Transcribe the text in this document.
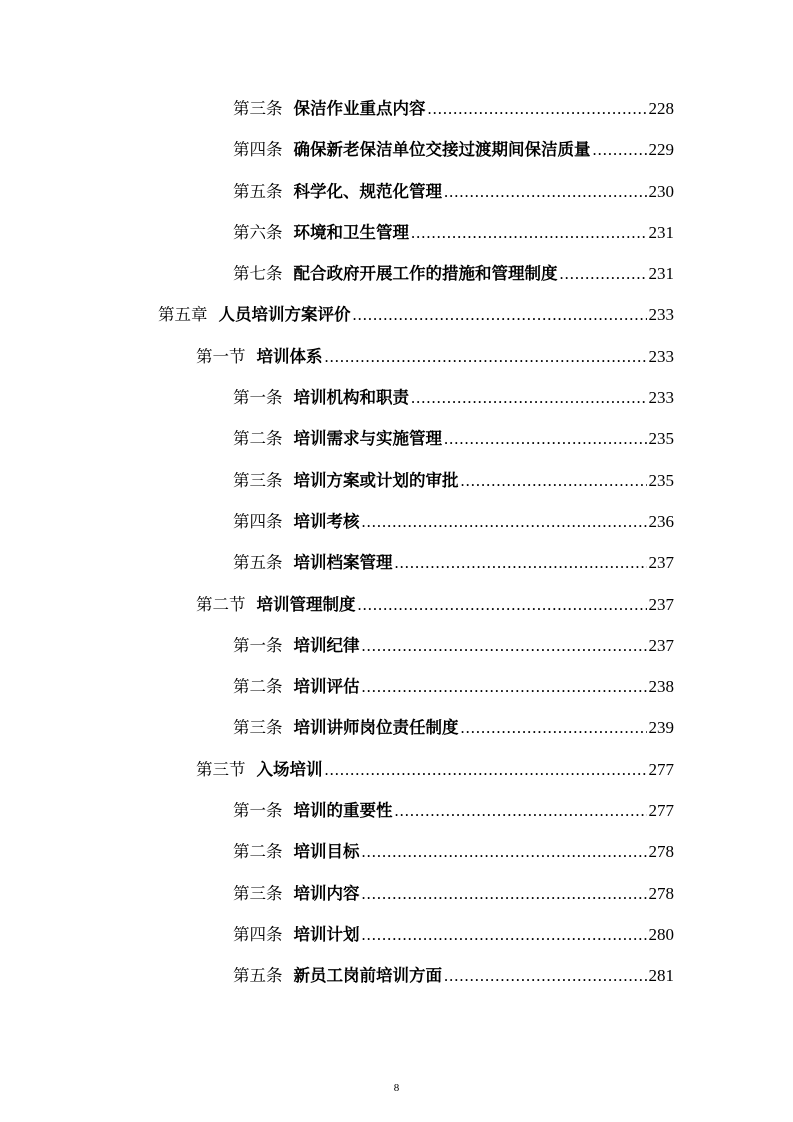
第三条 保洁作业重点内容 .....	228
第四条 确保新老保洁单位交接过渡期间保洁质量 .....	229
第五条 科学化、规范化管理 .....	230
第六条 环境和卫生管理 .....	231
第七条 配合政府开展工作的措施和管理制度 .....	231
第五章 人员培训方案评价 .....	233
第一节 培训体系 .....	233
第一条 培训机构和职责 .....	233
第二条 培训需求与实施管理 .....	235
第三条 培训方案或计划的审批 .....	235
第四条 培训考核 .....	236
第五条 培训档案管理 .....	237
第二节 培训管理制度 .....	237
第一条 培训纪律 .....	237
第二条 培训评估 .....	238
第三条 培训讲师岗位责任制度 .....	239
第三节 入场培训 .....	277
第一条 培训的重要性 .....	277
第二条 培训目标 .....	278
第三条 培训内容 .....	278
第四条 培训计划 .....	280
第五条 新员工岗前培训方面 .....	281
8
